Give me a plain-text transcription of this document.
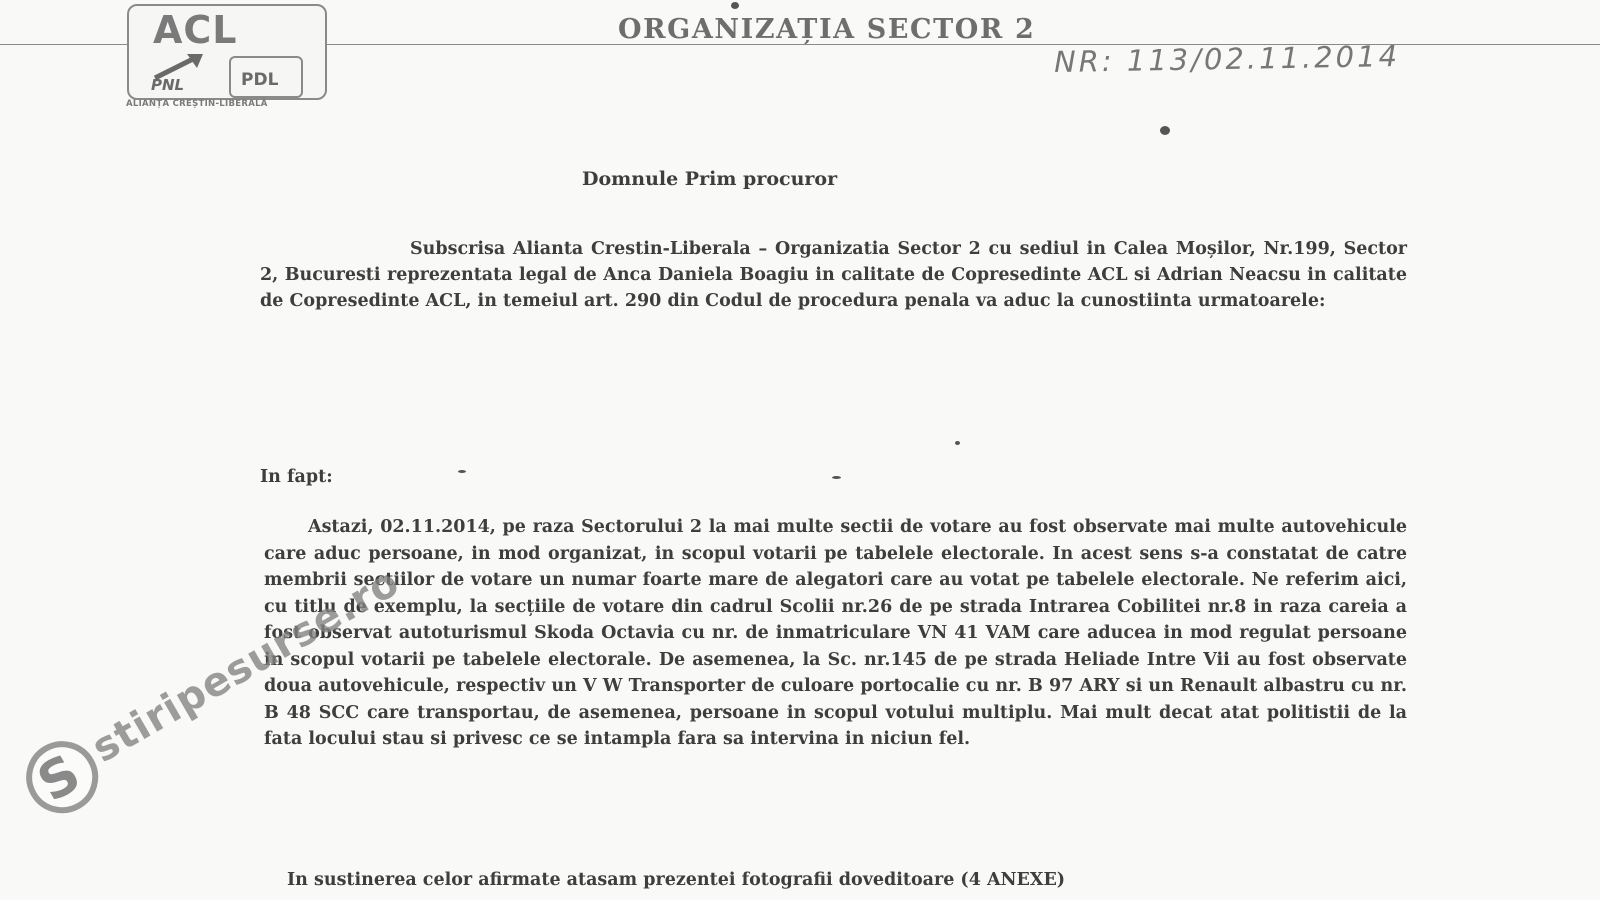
ACL
PNL	PDL
ALIANȚA CREȘTIN-LIBERALĂ
ORGANIZAȚIA SECTOR 2
NR: 113/02.11.2014
Domnule Prim procuror
Subscrisa Alianta Crestin-Liberala – Organizatia Sector 2 cu sediul in Calea Moșilor, Nr.199, Sector 2, Bucuresti reprezentata legal de Anca Daniela Boagiu in calitate de Copresedinte ACL si Adrian Neacsu in calitate de Copresedinte ACL, in temeiul art. 290 din Codul de procedura penala va aduc la cunostiinta urmatoarele:
In fapt:
Astazi, 02.11.2014, pe raza Sectorului 2 la mai multe sectii de votare au fost observate mai multe autovehicule care aduc persoane, in mod organizat, in scopul votarii pe tabelele electorale. In acest sens s-a constatat de catre membrii sectiilor de votare un numar foarte mare de alegatori care au votat pe tabelele electorale. Ne referim aici, cu titlu de exemplu, la secțiile de votare din cadrul Scolii nr.26 de pe strada Intrarea Cobilitei nr.8 in raza careia a fost observat autoturismul Skoda Octavia cu nr. de inmatriculare VN 41 VAM care aducea in mod regulat persoane in scopul votarii pe tabelele electorale. De asemenea, la Sc. nr.145 de pe strada Heliade Intre Vii au fost observate doua autovehicule, respectiv un V W Transporter de culoare portocalie cu nr. B 97 ARY si un Renault albastru cu nr. B 48 SCC care transportau, de asemenea, persoane in scopul votului multiplu. Mai mult decat atat politistii de la fata locului stau si privesc ce se intampla fara sa intervina in niciun fel.
In sustinerea celor afirmate atasam prezentei fotografii doveditoare (4 ANEXE)
S
stiripesurse.ro
